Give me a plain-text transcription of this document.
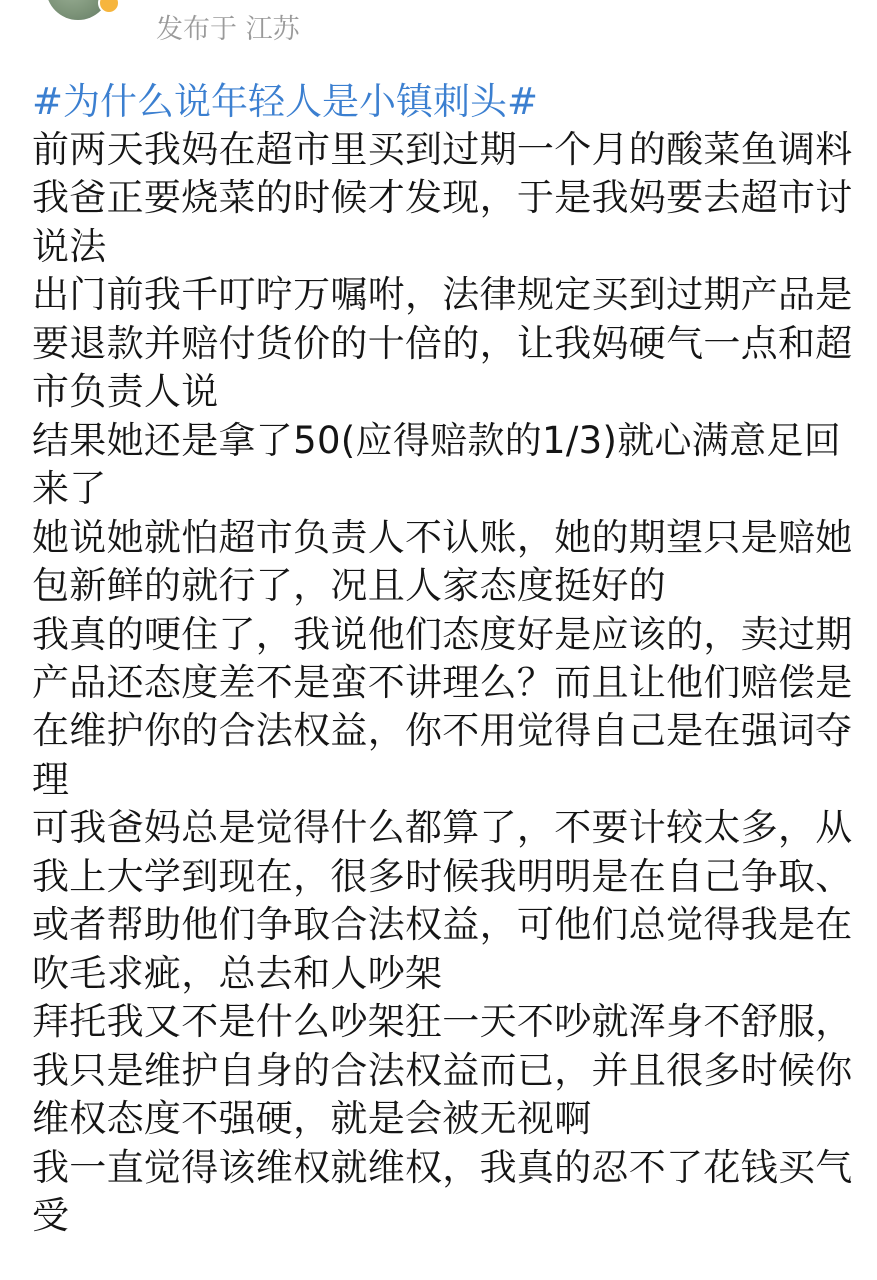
发布于 江苏
#为什么说年轻人是小镇刺头#
前两天我妈在超市里买到过期一个月的酸菜鱼调料
我爸正要烧菜的时候才发现，于是我妈要去超市讨
说法
出门前我千叮咛万嘱咐，法律规定买到过期产品是
要退款并赔付货价的十倍的，让我妈硬气一点和超
市负责人说
结果她还是拿了50(应得赔款的1/3)就心满意足回
来了
她说她就怕超市负责人不认账，她的期望只是赔她
包新鲜的就行了，况且人家态度挺好的
我真的哽住了，我说他们态度好是应该的，卖过期
产品还态度差不是蛮不讲理么？而且让他们赔偿是
在维护你的合法权益，你不用觉得自己是在强词夺
理
可我爸妈总是觉得什么都算了，不要计较太多，从
我上大学到现在，很多时候我明明是在自己争取、
或者帮助他们争取合法权益，可他们总觉得我是在
吹毛求疵，总去和人吵架
拜托我又不是什么吵架狂一天不吵就浑身不舒服，
我只是维护自身的合法权益而已，并且很多时候你
维权态度不强硬，就是会被无视啊
我一直觉得该维权就维权，我真的忍不了花钱买气
受
